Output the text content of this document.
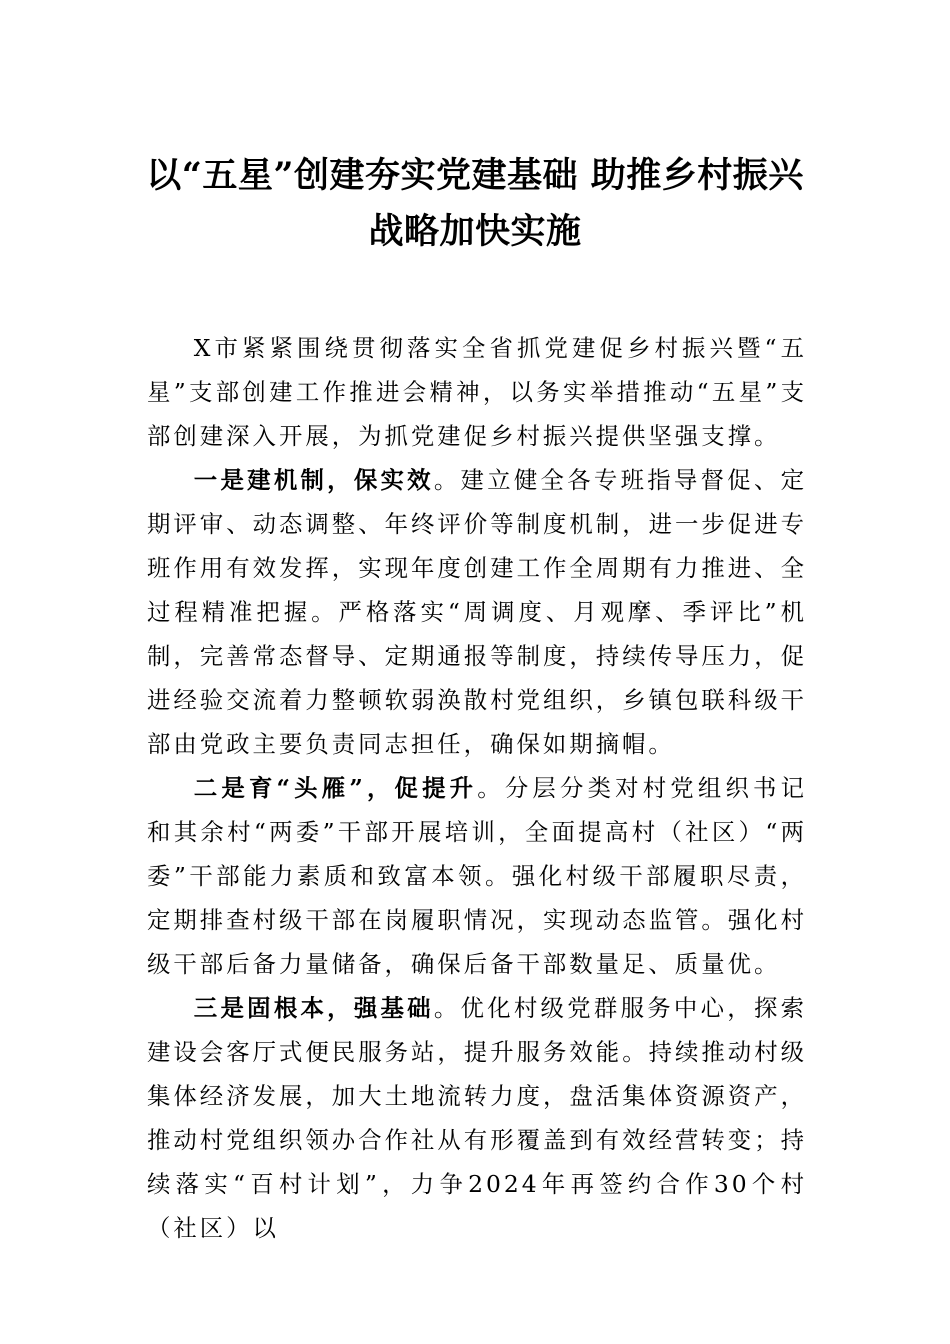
以“五星”创建夯实党建基础 助推乡村振兴战略加快实施

X市紧紧围绕贯彻落实全省抓党建促乡村振兴暨“五星”支部创建工作推进会精神，以务实举措推动“五星”支部创建深入开展，为抓党建促乡村振兴提供坚强支撑。

一是建机制，保实效。建立健全各专班指导督促、定期评审、动态调整、年终评价等制度机制，进一步促进专班作用有效发挥，实现年度创建工作全周期有力推进、全过程精准把握。严格落实“周调度、月观摩、季评比”机制，完善常态督导、定期通报等制度，持续传导压力，促进经验交流着力整顿软弱涣散村党组织，乡镇包联科级干部由党政主要负责同志担任，确保如期摘帽。

二是育“头雁”，促提升。分层分类对村党组织书记和其余村“两委”干部开展培训，全面提高村（社区）“两委”干部能力素质和致富本领。强化村级干部履职尽责，定期排查村级干部在岗履职情况，实现动态监管。强化村级干部后备力量储备，确保后备干部数量足、质量优。

三是固根本，强基础。优化村级党群服务中心，探索建设会客厅式便民服务站，提升服务效能。持续推动村级集体经济发展，加大土地流转力度，盘活集体资源资产，推动村党组织领办合作社从有形覆盖到有效经营转变；持续落实“百村计划”，力争2024年再签约合作30个村（社区）以
